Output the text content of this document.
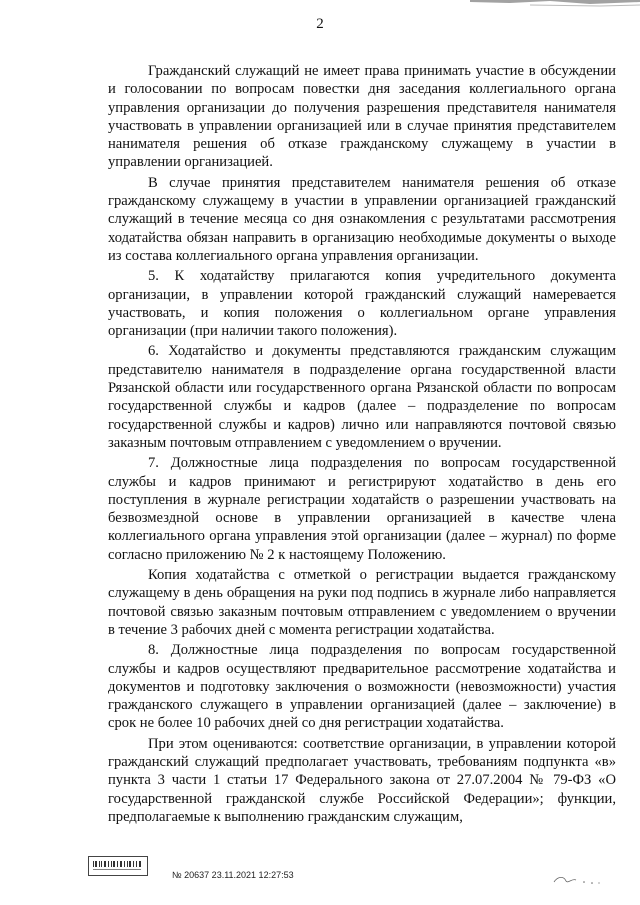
2

Гражданский служащий не имеет права принимать участие в обсуждении и голосовании по вопросам повестки дня заседания коллегиального органа управления организации до получения разрешения представителя нанимателя участвовать в управлении организацией или в случае принятия представителем нанимателя решения об отказе гражданскому служащему в участии в управлении организацией.

В случае принятия представителем нанимателя решения об отказе гражданскому служащему в участии в управлении организацией гражданский служащий в течение месяца со дня ознакомления с результатами рассмотрения ходатайства обязан направить в организацию необходимые документы о выходе из состава коллегиального органа управления организации.

5. К ходатайству прилагаются копия учредительного документа организации, в управлении которой гражданский служащий намеревается участвовать, и копия положения о коллегиальном органе управления организации (при наличии такого положения).

6. Ходатайство и документы представляются гражданским служащим представителю нанимателя в подразделение органа государственной власти Рязанской области или государственного органа Рязанской области по вопросам государственной службы и кадров (далее – подразделение по вопросам государственной службы и кадров) лично или направляются почтовой связью заказным почтовым отправлением с уведомлением о вручении.

7. Должностные лица подразделения по вопросам государственной службы и кадров принимают и регистрируют ходатайство в день его поступления в журнале регистрации ходатайств о разрешении участвовать на безвозмездной основе в управлении организацией в качестве члена коллегиального органа управления этой организации (далее – журнал) по форме согласно приложению № 2 к настоящему Положению.

Копия ходатайства с отметкой о регистрации выдается гражданскому служащему в день обращения на руки под подпись в журнале либо направляется почтовой связью заказным почтовым отправлением с уведомлением о вручении в течение 3 рабочих дней с момента регистрации ходатайства.

8. Должностные лица подразделения по вопросам государственной службы и кадров осуществляют предварительное рассмотрение ходатайства и документов и подготовку заключения о возможности (невозможности) участия гражданского служащего в управлении организацией (далее – заключение) в срок не более 10 рабочих дней со дня регистрации ходатайства.

При этом оцениваются: соответствие организации, в управлении которой гражданский служащий предполагает участвовать, требованиям подпункта «в» пункта 3 части 1 статьи 17 Федерального закона от 27.07.2004 № 79-ФЗ «О государственной гражданской службе Российской Федерации»; функции, предполагаемые к выполнению гражданским служащим,

№ 20637 23.11.2021 12:27:53
